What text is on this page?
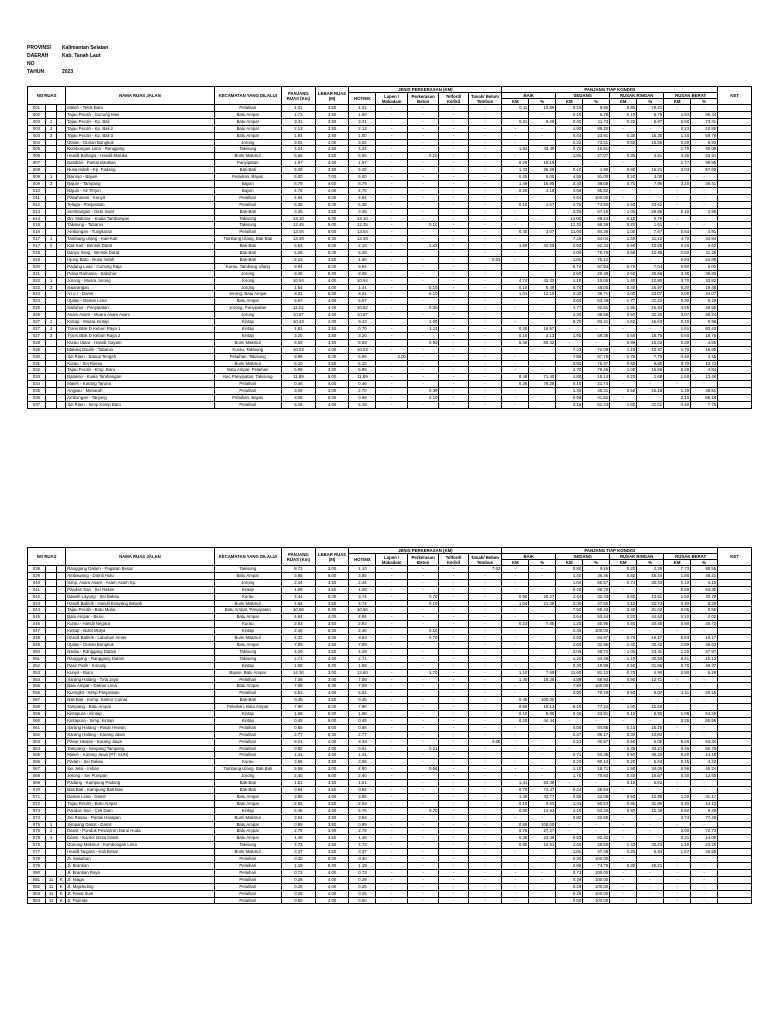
PROVINSI	Kalimantan Selatan
DAERAH	Kab. Tanah Laut
NO
TAHUN	2023
NO RUAS			NAMA RUAS JALAN	KECAMATAN YANG DILALUI	PANJANG RUAS (Km)	LEBAR RUAS (M)	JENIS PERKERASAN (KM)					PANJANG TIAP KONDISI								KET
							HOTMIX	Lapen / Makadam	Perkerasan Beton	Telford/ Kerikil	Tanah/ Belum Tembus	BAIK		SEDANG		RUSAK RINGAN		RUSAK BERAT		
												KM	%	KM	%	KM	%	KM	%	
001			Maleh - Teluk Baru	Pelaihari	1.01	3.50	1.01	-	-	-	-	0.11	10.89	0.10	9.90	0.80	79.21	-	-	
002			Tajau Pecah - Gunung Mas	Batu Ampar	1.73	3.50	1.60	-	-	-	-	-	-	0.10	5.78	0.10	5.78	1.53	88.44	
003	1		Tajau Pecah - Kp. Bali	Batu Ampar	3.41	3.50	3.41	-	-	-	-	0.31	9.09	0.40	11.73	0.20	5.87	2.50	73.31	
003	2		Tajau Pecah - Kp. Bali 2	Batu Ampar	2.13	3.50	2.13	-	-	-	-	-	-	1.90	89.20	-	-	0.23	10.80	
003	3		Tajau Pecah - Kp. Bali 3	Batu Ampar	1.84	3.50	1.50	-	-	-	-	-	-	0.44	23.91	0.30	16.30	1.10	59.78	
004			Ulalan - Durian Bungkuk	Jorong	3.02	4.00	3.02	-	-	-	-	-	-	2.22	73.51	0.50	16.56	0.30	9.93	
005			Kombongan Lima - Ranggang	Takisung	4.24	3.50	4.24	-	-	-	-	1.84	43.40	0.70	16.51	-	-	1.70	40.09	
006			Handil Bahagia - Handil Maluka	Bumi Makmur	6.65	3.50	6.55	-	0.10	-	-	-	-	1.80	27.07	0.30	4.51	4.25	63.91	
007			Batakan - Pantai Batakan	Panyipatan	1.97	4.00	1.97	-	-	-	-	0.20	10.15	-	-	-	-	1.77	89.85	
008			Nusa Indah - Kp. Padang	Bati-Bati	5.28	3.50	5.28	-	-	-	-	1.33	25.29	0.10	1.90	0.80	15.21	3.03	57.60	
009	1		Bainnjo - Bajuin	Pelaihari, Bajuin	5.00	7.00	5.00	-	-	-	-	0.25	5.00	4.55	91.00	0.20	4.00	-	-	
009	2		Bajuin - Tampang	Bajuin	8.79	4.00	8.79	-	-	-	-	1.49	16.95	3.40	38.68	0.70	7.96	3.20	36.41	
010			Bajuin - Air Terjun	Bajuin	4.78	4.00	4.78	-	-	-	-	0.20	4.18	4.58	95.82	-	-	-	-	
011			Pabahanan - Kunyit	Pelaihari	4.84	5.00	4.84	-	-	-	-	-	-	4.84	100.00	-	-	-	-	
012			Telaga - Panjaratan	Pelaihari	6.35	5.00	6.35	-	-	-	-	0.10	1.57	4.75	74.80	1.50	23.62	-	-	
013			Sembangan - Datu Insaf	Bati-Bati	3.35	3.50	3.35	-	-	-	-	-	-	2.25	67.16	1.00	29.85	0.10	2.99	
014			Gn. Makmur - Kuala Tambangan	Takisung	13.10	5.00	13.10	-	-	-	-	-	-	13.00	99.24	0.10	0.76	-	-	
015			Takisung - Tabanio	Takisung	12.45	5.00	12.35	-	0.10	-	-	-	-	12.25	98.39	0.20	1.61	-	-	
016			Ambungan - Tungkaran	Pelaihari	13.04	5.00	13.04	-	-	-	-	0.40	3.07	11.00	84.36	1.00	7.67	0.64	4.91	
017	1		Tambang Ulang - Kait-Kait	Tambang Ulang, Bati-Bati	13.49	5.00	13.49	-	-	-	-	-	-	7.29	54.04	1.50	11.12	4.70	34.84	
017	2		Kait Kait - Bentok Darat	Bati-Bati	5.53	5.00	2.10	-	3.43	-	-	1.80	32.55	2.90	52.44	0.60	10.85	0.20	3.62	
018			Banyu Irang - Bentok Darat	Bati-Bati	5.28	5.00	5.28	-	-	-	-	-	-	4.00	75.76	0.68	12.88	0.60	11.36	
019			Ujung Batu - Nusa Indah	Bati-Bati	2.13	3.50	1.60	-	-	-	0.53	-	-	1.60	75.12	-	-	0.53	24.88	
020			Padang Luas - Gunung Raja	Kurau, Tambang Ulang	9.94	5.00	9.94	-	-	-	-	-	-	8.74	87.93	0.70	7.04	0.50	5.03	
021			Pulau Ramania - Sabuhur	Jorong	8.48	5.00	8.48	-	-	-	-	-	-	2.50	29.48	2.60	30.66	3.38	39.86	
022	1		Jorong - Muara Jorong	Jorong	10.94	4.00	10.94	-	-	-	-	4.74	43.33	1.10	10.05	1.40	12.80	3.70	33.82	
022	2		Swarangan	Jorong	1.54	4.00	1.44	-	0.10	-	-	0.10	6.49	0.74	48.05	0.40	25.97	0.30	19.48	
023			A l u r - Damit	Jorong, Batu Ampar	8.31	5.00	8.21	-	0.10	-	-	1.01	12.15	3.30	39.71	2.00	24.07	2.00	24.07	
024			Ulalan - Damar Lima	Batu Ampar	5.67	4.00	5.67	-	-	-	-	-	-	3.60	63.49	1.77	31.22	0.30	5.29	
025			Sabuhur - Panyipatan	Jorong, Panyipatan	11.22	4.00	10.92	-	0.30	-	-	-	-	4.77	42.51	1.90	16.93	4.55	40.55	
026			Asam Asam - Muara Asam Asam	Jorong	10.87	4.00	10.87	-	-	-	-	-	-	4.30	39.56	3.50	32.20	3.07	28.24	
027	1		Kintap - Muara Kintap	Kintap	10.43	4.00	9.43	-	1.00	-	-	-	-	8.70	83.41	1.63	15.63	0.10	0.96	
027	2		Trans Blok D Kebun Raya 1	Kintap	1.81	3.50	0.70	-	1.11	-	-	0.30	16.57	-	-	-	-	1.51	83.43	
027	3		Trans Blok D Kebun Raya 2	Kintap	3.20	3.50	3.20	-	-	-	-	0.10	3.13	1.90	59.38	0.60	18.75	0.60	18.75	
028			Kurau Utara - Handil Gayam	Bumi Makmur	6.59	3.50	5.69	-	0.90	-	-	5.30	80.42	-	-	0.99	15.02	0.30	4.55	
029			Maluka Baulin - Tabanio	Kurau, Takisung	10.03	4.00	10.03	-	-	-	-	-	-	7.23	72.08	1.10	10.97	1.70	16.95	
030			Sei Riam - Banua Tengah	Pelaihari, Takisung	8.99	5.00	6.99	2.00	-	-	-	-	-	7.89	87.76	0.70	7.79	0.40	4.45	
031			Kurau - Sei Rasau	Bumi Makmur	5.10	3.50	5.10	-	-	-	-	-	-	3.90	76.47	0.50	9.80	0.70	13.73	
032			Tajau Pecah - Kmp. Baru	Batu Ampar, Pelaihari	5.99	3.00	5.99	-	-	-	-	-	-	4.70	78.46	1.00	16.69	0.29	4.84	
033			Batakan - Kuala Tambangan	Kec.Panyipatan, Takisung	11.89	5.00	11.89	-	-	-	-	8.49	71.40	1.80	15.14	0.20	1.68	1.60	13.46	
034			Maleh - Karang Taruna	Pelaihari	0.46	4.00	0.46	-	-	-	-	0.36	78.26	0.10	21.74	-	-	-	-	
035			Angsau - Manarah	Pelaihari	3.09	3.00	2.70	-	0.39	-	-	-	-	1.40	45.31	0.50	16.18	1.19	38.51	
036			Ambungan - Tanjung	Pelaihari, Bajuin	3.08	6.00	0.98	-	2.10	-	-	-	-	0.98	31.82	-	-	2.10	68.18	
037			Sei Riam - Simp Kamp Baru	Pelaihari	5.16	4.00	5.16	-	-	-	-	-	-	3.16	61.24	1.60	31.01	0.40	7.75	
NO RUAS			NAMA RUAS JALAN	KECAMATAN YANG DILALUI	PANJANG RUAS (Km)	LEBAR RUAS (M)	JENIS PERKERASAN (KM)					PANJANG TIAP KONDISI								KET
							HOTMIX	Lapen / Makadam	Perkerasan Beton	Telford/ Kerikil	Tanah/ Belum Tembus	BAIK		SEDANG		RUSAK RINGAN		RUSAK BERAT		
												KM	%	KM	%	KM	%	KM	%	
038			Ranggang Dalam - Pagatan Besar	Takisung	8.73	3.00	1.10	-	-	-	7.63	-	-	0.80	9.16	0.20	2.29	7.73	88.55	
039			Ambawang - Damit Hulu	Batu Ampar	3.85	5.00	3.85	-	-	-	-	-	-	1.40	36.36	0.60	15.44	1.80	48.21	
040			Simp. Asam Asam - Asam Asam Kp.	Jorong	2.44	3.50	2.44	-	-	-	-	-	-	1.60	65.57	0.74	30.33	0.10	4.10	
041			Pandan Sari - Sei Rakim	Kintap	1.09	3.50	1.09	-	-	-	-	-	-	0.40	36.70	-	-	0.69	63.30	
042			Bawah Layung - Sei Bakau	Kurau	4.44	5.00	3.74	-	0.70	-	-	0.90	20.27	1.44	32.43	0.60	13.51	1.50	33.78	
043			Handil Babirik - Handil Birayang Bawah	Bumi Makmur	4.84	3.50	4.74	-	0.10	-	-	1.04	21.49	2.30	47.52	1.10	22.73	0.40	8.26	
044			Tajau Pecah - Batu Mulia	Batu Ampar, Panyipatan	10.96	5.00	10.96	-	-	-	-	-	-	7.50	68.43	3.40	31.02	0.06	0.55	
045			Batu Ampar - Biuru	Batu Ampar	4.94	4.00	4.94	-	-	-	-	-	-	2.64	53.44	2.20	44.53	0.10	2.02	
046			Kurau - Handil Negara	Kurau	2.93	3.50	2.93	-	-	-	-	0.23	7.85	1.20	40.96	0.60	20.48	0.90	30.72	
047			Kintap - Bukit Mulya	Kintap	2.46	5.00	2.36	-	0.10	-	-	-	-	2.46	100.00	-	-	-	-	
048			Handil Babirik - Labuhan Amas	Bumi Makmur	4.33	6.00	3.63	-	0.70	-	-	-	-	2.80	64.67	0.70	16.17	0.83	19.17	
049			Ulalan - Durian Bungkuk	Batu Ampar	7.89	3.50	7.89	-	-	-	-	-	-	2.60	32.95	2.40	30.42	2.89	36.63	
050			Batilai - Ranggang Dalam	Takisung	4.29	3.50	4.29	-	-	-	-	-	-	2.09	48.72	1.00	23.31	1.20	27.97	
051			Ranggang - Ranggang Dalam	Takisung	2.71	4.00	2.71	-	-	-	-	-	-	1.20	44.28	1.10	40.59	0.41	15.13	
052			Pasir Putih - Kunanji	Kintap	1.58	5.00	1.58	-	-	-	-	-	-	0.30	18.99	0.50	31.65	0.78	49.37	
053			Kunyit - Biuru	Bajuin, Batu Ampar	14.30	3.00	12.60	-	1.70	-	-	1.10	7.69	11.60	81.12	0.70	4.90	0.90	6.29	
054			Sarang Halang - Tirta Jaya	Pelaihari	7.08	3.00	7.08	-	-	-	-	1.30	18.36	4.88	68.93	0.90	12.71	-	-	
055			Batu Ampar - Damar Lima	Batu Ampar	7.89	5.00	7.89	-	-	-	-	-	-	7.89	100.00	-	-	-	-	
056			Kuringkit - Simp.Panjaratan	Pelaihari	5.51	4.00	5.51	-	-	-	-	-	-	3.90	70.78	0.50	9.07	1.11	20.15	
057			Bati Bati - Komp. Kantor Camat	Bati-Bati	0.45	3.50	0.45	-	-	-	-	0.45	100.00	-	-	-	-	-	-	
058			Tampang - Batu Ampar	Pelaihari, Batu Ampar	7.90	5.00	7.90	-	-	-	-	0.80	10.13	6.10	77.22	1.00	12.66	-	-	
059			Kintapura - Kintap	Kintap	1.68	5.00	1.68	-	-	-	-	0.10	5.95	0.40	23.81	0.10	5.95	1.08	64.29	
060			Kintapura - Simp. Kintap	Kintap	0.45	5.00	0.45	-	-	-	-	0.20	44.44	-	-	-	-	0.25	55.56	
061			Sarang Halang - Pasar Hewan	Pelaihari	0.66	5.00	0.66	-	-	-	-	-	-	0.56	84.85	0.10	15.15	-	-	
062			Sarang Halang - Karang Jawa	Pelaihari	2.77	5.00	2.77	-	-	-	-	-	-	2.47	89.17	0.30	10.83	-	-	
063			Pasar Hewan - Karang Jawa	Pelaihari	8.21	4.00	3.33	-	-	-	4.88	-	-	2.51	30.57	0.50	6.09	5.20	63.34	
064			Tampang - Simpang Tampang	Pelaihari	0.82	4.00	0.61	-	0.21	-	-	-	-	-	-	0.35	43.21	0.46	56.79	
065			Maleh - Karang Jawa (PT. SUN)	Pelaihari	1.41	4.00	1.41	-	-	-	-	-	-	0.71	50.35	0.50	35.46	0.20	14.18	
066			Padan - Sei Bakau	Kurau	3.55	3.50	3.55	-	-	-	-	-	-	3.20	90.14	0.20	5.63	0.15	4.23	
067			Sei Jelai - Imban	Tambang Ulang, Bati-Bati	5.58	3.00	4.90	-	0.68	-	-	-	-	1.10	19.71	1.90	34.05	2.58	46.24	
068			Jorong - Sei Pumpan	Jorong	2.40	5.00	2.40	-	-	-	-	-	-	1.70	70.83	0.40	16.67	0.30	12.50	
069			Padang - Kampung Padang	Bati-Bati	1.51	3.50	1.51	-	-	-	-	1.41	93.38	-	-	0.10	6.62	-	-	
070			Bati Bati - Kampung Bati Bati	Bati-Bati	0.94	3.50	0.94	-	-	-	-	0.70	74.47	0.24	25.53	-	-	-	-	
071			Damar Lima - Damit	Batu Ampar	3.85	4.00	3.85	-	-	-	-	1.30	33.77	0.85	22.08	0.50	12.99	1.20	31.17	
072			Tajau Pecah - Batu Ampar	Batu Ampar	2.83	3.50	2.83	-	-	-	-	0.10	3.53	1.43	50.53	0.90	31.80	0.40	14.13	
073			Pandan Sari - Cek Dam	Kintap	6.46	4.00	5.76	-	0.70	-	-	0.90	13.93	4.10	64.40	0.80	12.38	0.60	9.29	
074			Sei Rasau - Pantai Harapan	Bumi Makmur	3.54	3.50	3.54	-	-	-	-	-	-	0.80	22.60	-	-	2.74	77.40	
075	1		Simpang Damit - Damit	Batu Ampar	0.89	3.50	0.89	-	-	-	-	0.89	100.00	-	-	-	-	-	-	
075	2		Damit - Pondok Pesantren Darul Huda	Batu Ampar	2.75	3.00	2.75	-	-	-	-	0.75	27.27	-	-	-	-	2.00	72.73	
075	3		Damit - Kantor Desa Damit	Batu Ampar	1.49	3.50	1.49	-	-	-	-	0.35	23.49	0.93	62.42	-	-	0.21	14.09	
076			Gunung Makmur - Kombongan Lima	Takisung	4.73	3.50	4.73	-	-	-	-	0.80	16.91	1.40	29.60	1.43	30.23	1.10	23.26	
077			Handil Negara - Kali Besar	Bumi Makmur	3.37	3.50	3.37	-	-	-	-	-	-	1.60	47.48	0.20	5.93	1.57	46.59	
078			Jl. Sawahan	Pelaihari	0.30	6.00	0.30	-	-	-	-	-	-	0.30	100.00	-	-	-	-	
079			Jl. Brantian	Pelaihari	1.19	5.00	1.19	-	-	-	-	-	-	0.89	74.79	0.30	25.21	-	-	
080			Jl. Brantian Raya	Pelaihari	0.73	4.00	0.73	-	-	-	-	-	-	0.73	100.00	-	-	-	-	
081	11	K	Jl. Niaga	Pelaihari	0.39	4.00	0.39	-	-	-	-	-	-	0.39	100.00	-	-	-	-	
082	11	K	Jl. Majeleding	Pelaihari	0.26	4.00	0.26	-	-	-	-	-	-	0.26	100.00	-	-	-	-	
083	11	K	Jl. Pasar Ikan	Pelaihari	0.26	4.00	0.26	-	-	-	-	-	-	0.26	100.00	-	-	-	-	
084	11	K	Jl. Parinda	Pelaihari	0.50	4.00	0.50	-	-	-	-	-	-	0.50	100.00	-	-	-	-	
